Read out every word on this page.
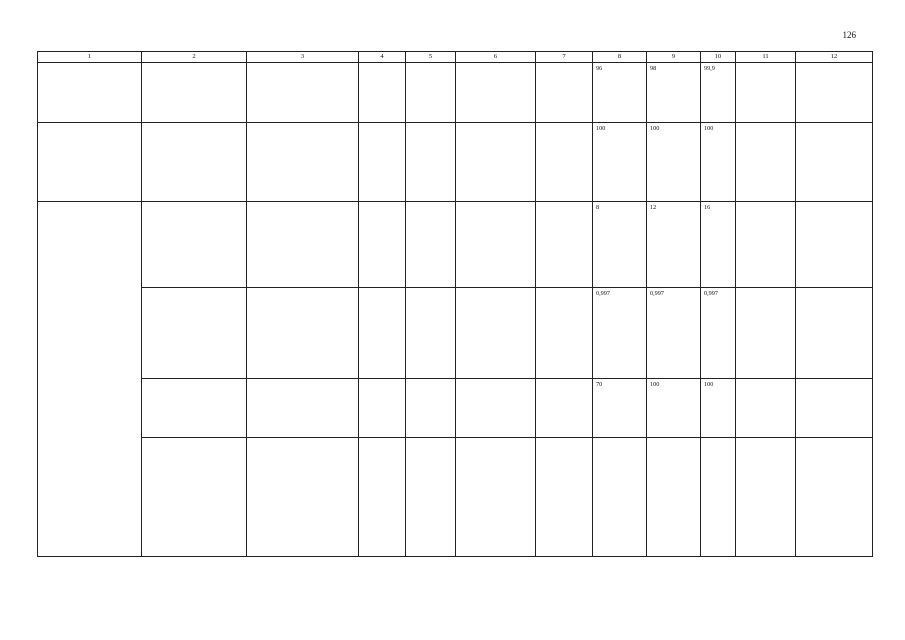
126
1	2	3	4	5	6	7	8	9	10	11	12
							96	98	99,9		
							100	100	100		
							8	12	16		
							0,997	0,997	0,997		
							70	100	100		
